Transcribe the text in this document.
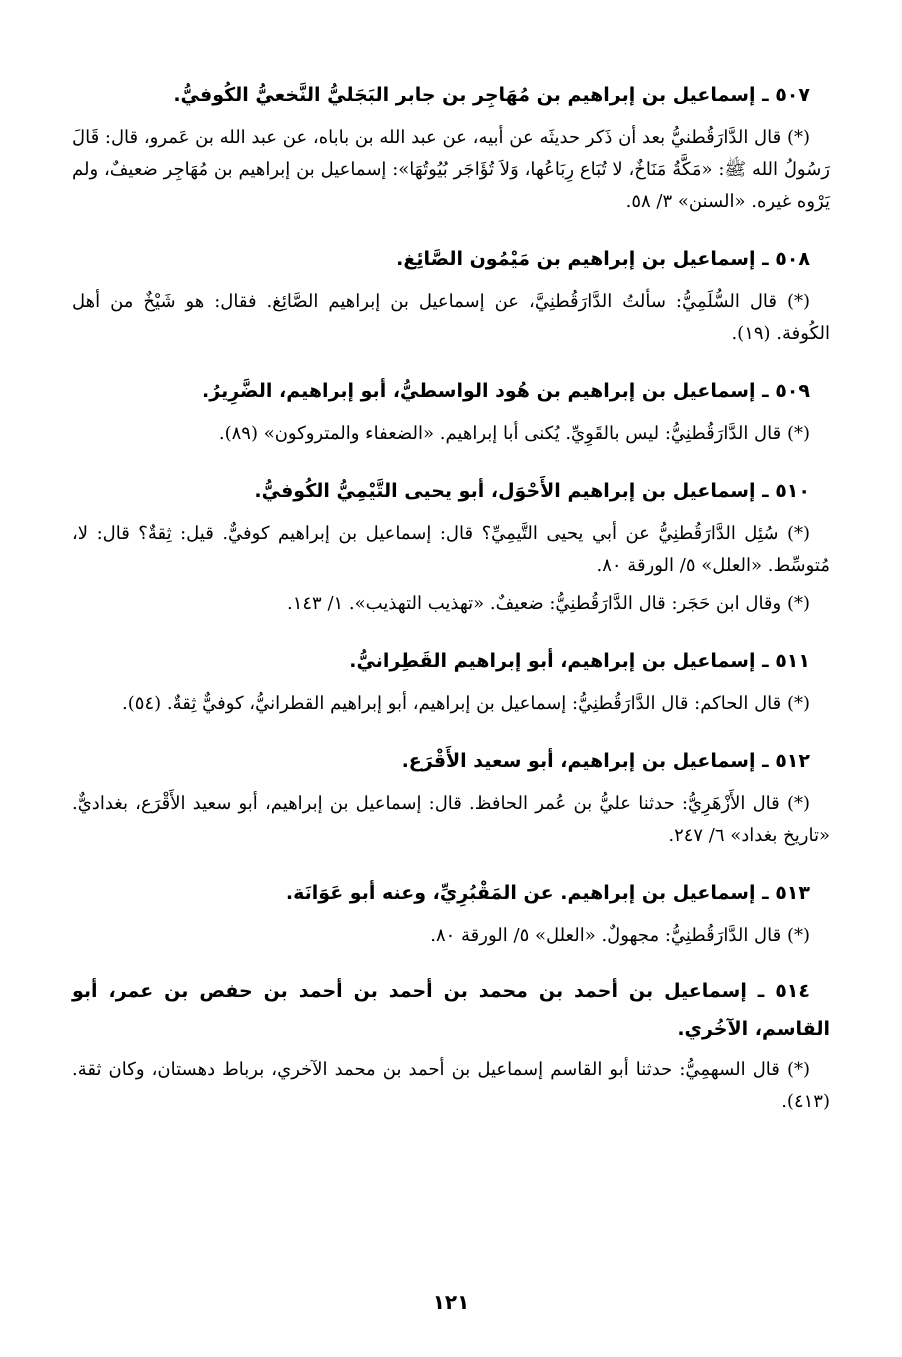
٥٠٧ ـ إسماعيل بن إبراهيم بن مُهَاجِر بن جابر البَجَليُّ النَّخعيُّ الكُوفيُّ.

(*) قال الدَّارَقُطنيُّ بعد أن ذَكر حديثَه عن أبيه، عن عبد الله بن باباه، عن عبد الله بن عَمرو، قال: قَالَ رَسُولُ الله ﷺ: «مَكَّةُ مَنَاخٌ، لا تُبَاع رِبَاعُها، وَلاَ تُؤَاجَر بُيُوتُهَا»: إسماعيل بن إبراهيم بن مُهَاجِر ضعيفٌ، ولم يَرْوه غيره. «السنن» ٣/ ٥٨.

٥٠٨ ـ إسماعيل بن إبراهيم بن مَيْمُون الصَّائِغ.

(*) قال السُّلَمِيُّ: سألتُ الدَّارَقُطنِيَّ، عن إسماعيل بن إبراهيم الصَّائِغ. فقال: هو شَيْخٌ من أهل الكُوفة. (١٩).

٥٠٩ ـ إسماعيل بن إبراهيم بن هُود الواسطيُّ، أبو إبراهيم، الضَّرِيرُ.

(*) قال الدَّارَقُطنِيُّ: ليس بالقَوِيِّ. يُكنى أبا إبراهيم. «الضعفاء والمتروكون» (٨٩).

٥١٠ ـ إسماعيل بن إبراهيم الأَحْوَل، أبو يحيى التَّيْمِيُّ الكُوفيُّ.

(*) سُئِل الدَّارَقُطنِيُّ عن أبي يحيى التَّيمِيِّ؟ قال: إسماعيل بن إبراهيم كوفيٌّ. قيل: ثِقةٌ؟ قال: لا، مُتوسِّط. «العلل» ٥/ الورقة ٨٠.

(*) وقال ابن حَجَر: قال الدَّارَقُطنِيُّ: ضعيفٌ. «تهذيب التهذيب». ١/ ١٤٣.

٥١١ ـ إسماعيل بن إبراهيم، أبو إبراهيم القَطِرانيُّ.

(*) قال الحاكم: قال الدَّارَقُطنِيُّ: إسماعيل بن إبراهيم، أبو إبراهيم القطرانيُّ، كوفيٌّ ثِقةٌ. (٥٤).

٥١٢ ـ إسماعيل بن إبراهيم، أبو سعيد الأَقْرَع.

(*) قال الأَزْهَرِيُّ: حدثنا عليُّ بن عُمر الحافظ. قال: إسماعيل بن إبراهيم، أبو سعيد الأَقْرَع، بغداديٌّ. «تاريخ بغداد» ٦/ ٢٤٧.

٥١٣ ـ إسماعيل بن إبراهيم. عن المَقْبُرِيِّ، وعنه أبو عَوَانَة.

(*) قال الدَّارَقُطنِيُّ: مجهولٌ. «العلل» ٥/ الورقة ٨٠.

٥١٤ ـ إسماعيل بن أحمد بن محمد بن أحمد بن أحمد بن حفص بن عمر، أبو القاسم، الآخُري.

(*) قال السهمِيُّ: حدثنا أبو القاسم إسماعيل بن أحمد بن محمد الآخري، برباط دهستان، وكان ثقة. (٤١٣).

١٢١
